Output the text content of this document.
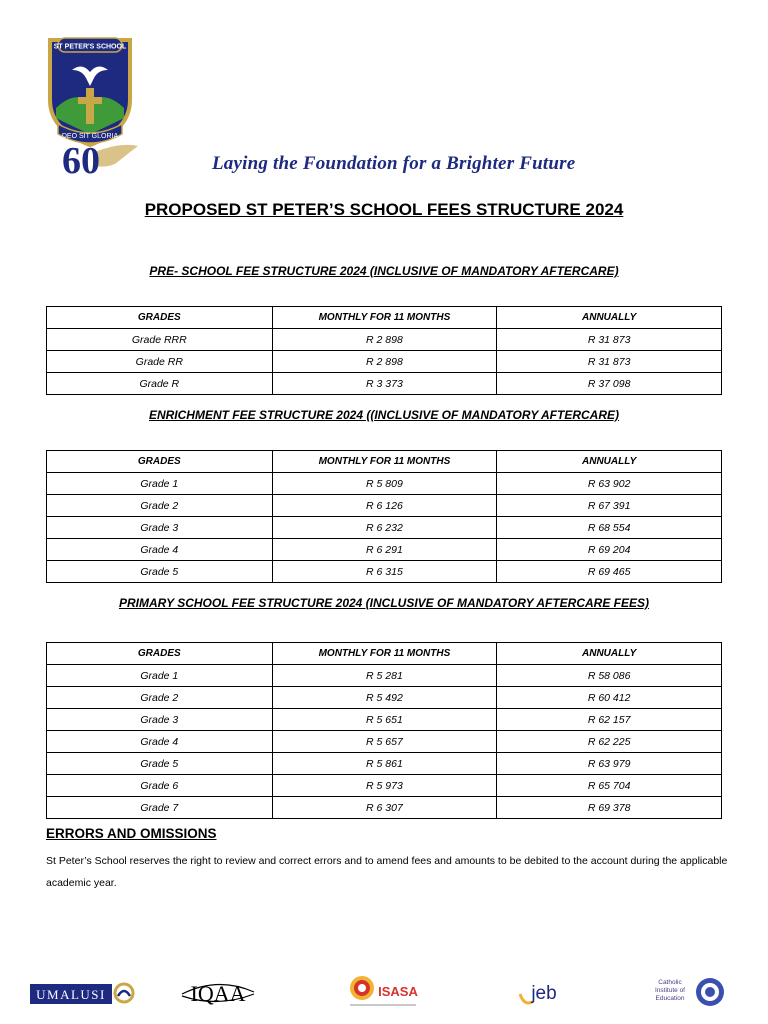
ST PETER'S SCHOOL
DEO SIT GLORIA
60	Laying the Foundation for a Brighter Future
PROPOSED ST PETER’S SCHOOL FEES STRUCTURE 2024
PRE- SCHOOL FEE STRUCTURE 2024 (INCLUSIVE OF MANDATORY AFTERCARE)
GRADES	MONTHLY FOR 11 MONTHS	ANNUALLY
Grade RRR	R 2 898	R 31 873
Grade RR	R 2 898	R 31 873
Grade R	R 3 373	R 37 098
ENRICHMENT FEE STRUCTURE 2024 ((INCLUSIVE OF MANDATORY AFTERCARE)
GRADES	MONTHLY FOR 11 MONTHS	ANNUALLY
Grade 1	R 5 809	R 63 902
Grade 2	R 6 126	R 67 391
Grade 3	R 6 232	R 68 554
Grade 4	R 6 291	R 69 204
Grade 5	R 6 315	R 69 465
PRIMARY SCHOOL FEE STRUCTURE 2024 (INCLUSIVE OF MANDATORY AFTERCARE FEES)
GRADES	MONTHLY FOR 11 MONTHS	ANNUALLY
Grade 1	R 5 281	R 58 086
Grade 2	R 5 492	R 60 412
Grade 3	R 5 651	R 62 157
Grade 4	R 5 657	R 62 225
Grade 5	R 5 861	R 63 979
Grade 6	R 5 973	R 65 704
Grade 7	R 6 307	R 69 378
ERRORS AND OMISSIONS
St Peter’s School reserves the right to review and correct errors and to amend fees and amounts to be debited to the account during the applicable academic year.
UMALUSI	IQAA	ISASA	jeb
Catholic
Institute of
Education
